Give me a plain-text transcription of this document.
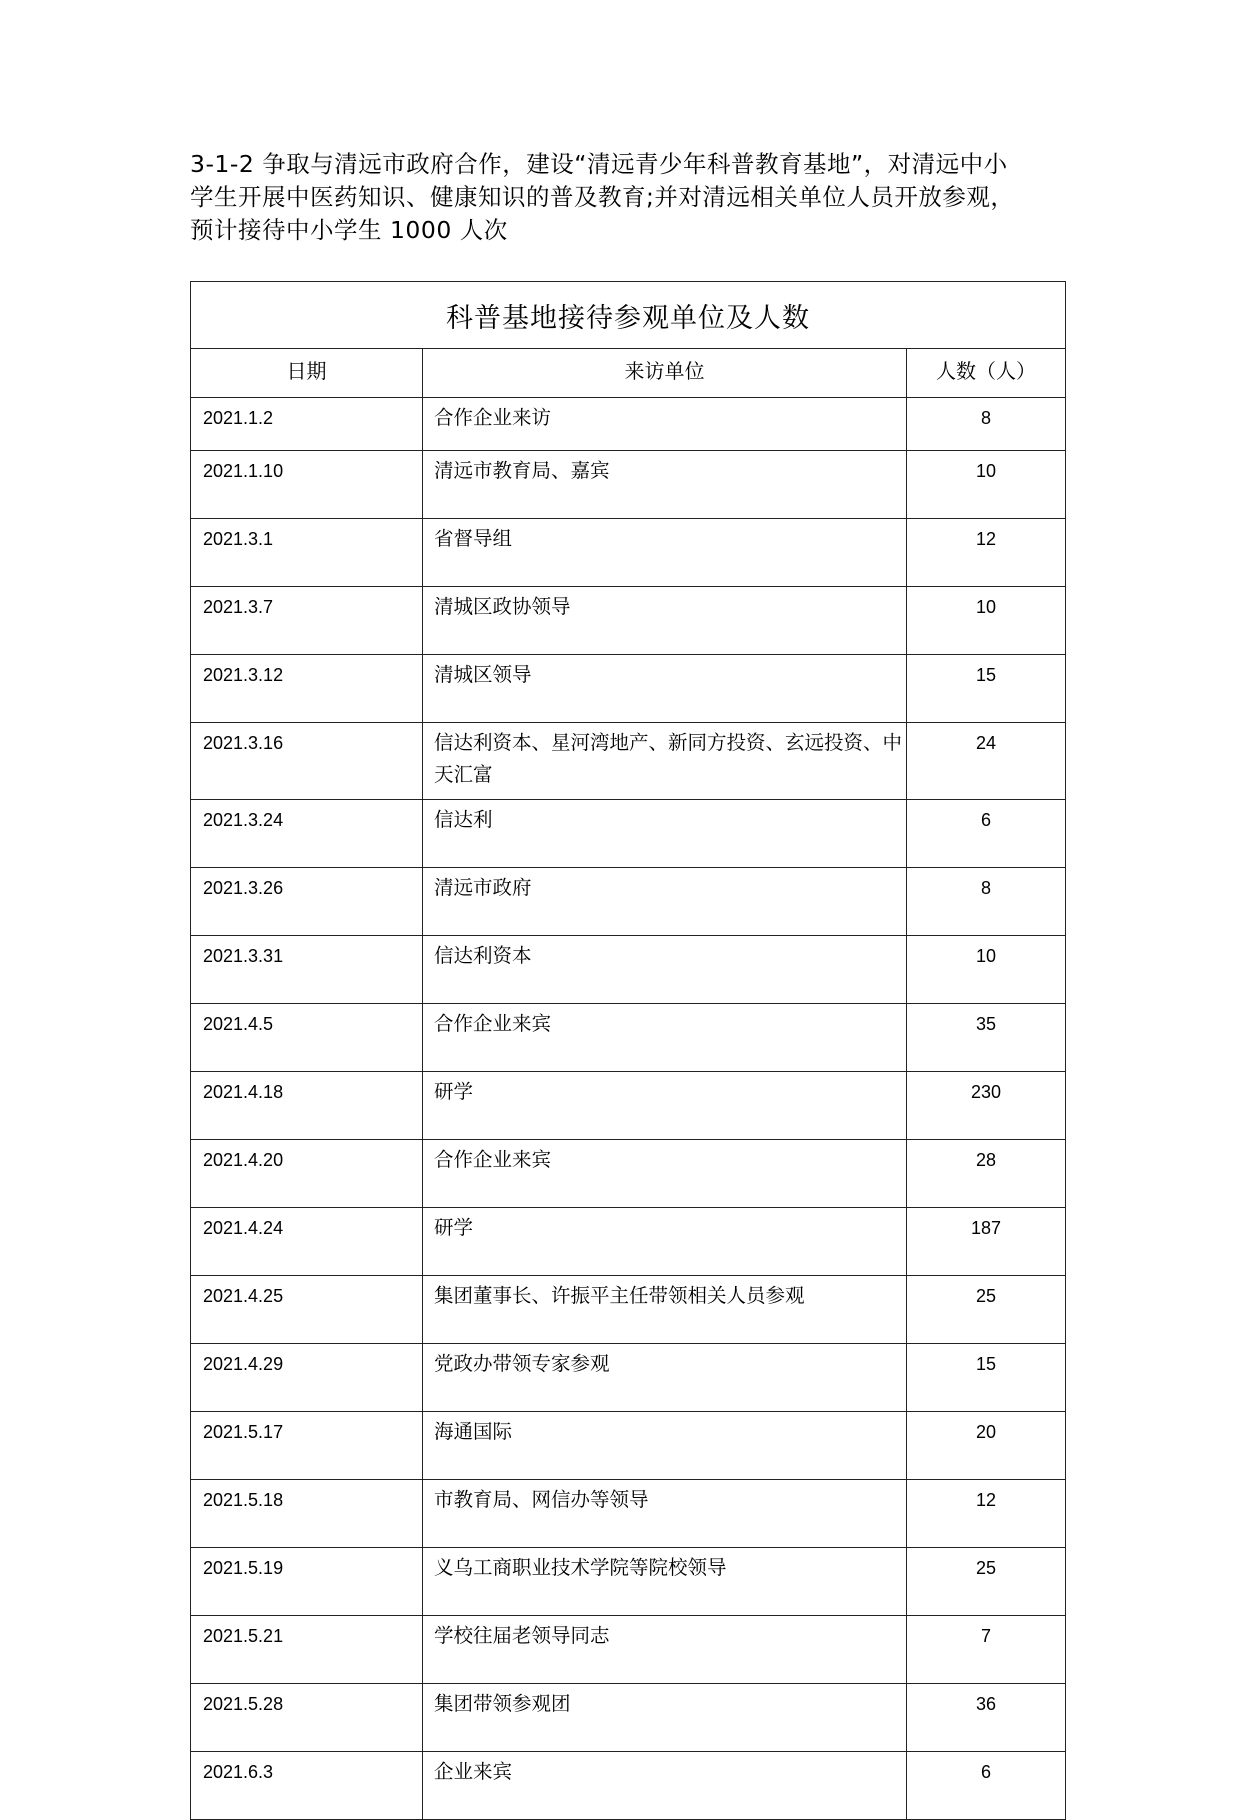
3-1-2 争取与清远市政府合作，建设“清远青少年科普教育基地”，对清远中小
学生开展中医药知识、健康知识的普及教育;并对清远相关单位人员开放参观，
预计接待中小学生 1000 人次

科普基地接待参观单位及人数		
日期	来访单位	人数（人）
2021.1.2	合作企业来访	8
2021.1.10	清远市教育局、嘉宾	10
2021.3.1	省督导组	12
2021.3.7	清城区政协领导	10
2021.3.12	清城区领导	15
2021.3.16	信达利资本、星河湾地产、新同方投资、玄远投资、中天汇富	24
2021.3.24	信达利	6
2021.3.26	清远市政府	8
2021.3.31	信达利资本	10
2021.4.5	合作企业来宾	35
2021.4.18	研学	230
2021.4.20	合作企业来宾	28
2021.4.24	研学	187
2021.4.25	集团董事长、许振平主任带领相关人员参观	25
2021.4.29	党政办带领专家参观	15
2021.5.17	海通国际	20
2021.5.18	市教育局、网信办等领导	12
2021.5.19	义乌工商职业技术学院等院校领导	25
2021.5.21	学校往届老领导同志	7
2021.5.28	集团带领参观团	36
2021.6.3	企业来宾	6
